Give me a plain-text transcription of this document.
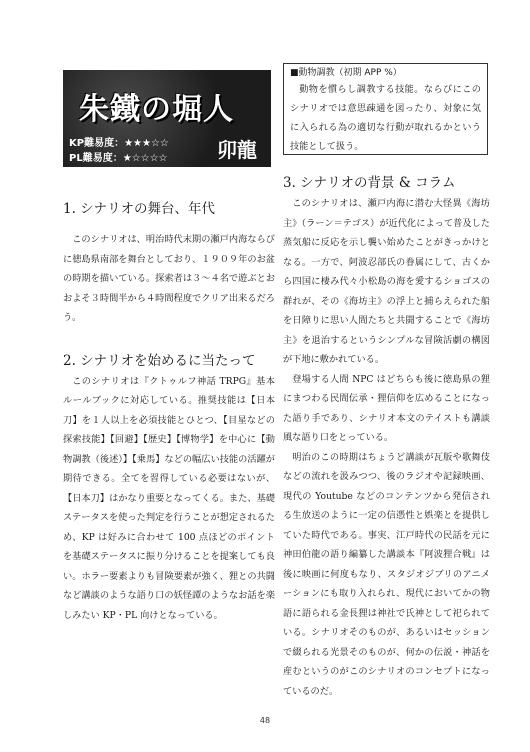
朱鐵の堀人
KP難易度：★★★☆☆
PL難易度：★☆☆☆☆ 卯龍
■動物調教（初期 APP %）
動物を慣らし調教する技能。ならびにこのシナリオでは意思疎通を図ったり、対象に気に入られる為の適切な行動が取れるかという技能として扱う。
1. シナリオの舞台、年代

このシナリオは、明治時代末期の瀬戸内海ならびに徳島県南部を舞台としており、１９０９年のお盆の時期を描いている。探索者は３～４名で遊ぶとおおよそ３時間半から４時間程度でクリア出来るだろう。

2. シナリオを始めるに当たって

このシナリオは『クトゥルフ神話 TRPG』基本ルールブックに対応している。推奨技能は【日本刀】を１人以上を必須技能とひとつ、【目星などの探索技能】【回避】【歴史】【博物学】を中心に【動物調教（後述）】【乗馬】などの幅広い技能の活躍が期待できる。全てを習得している必要はないが、【日本刀】はかなり重要となってくる。また、基礎ステータスを使った判定を行うことが想定されるため、KP は好みに合わせて 100 点ほどのポイントを基礎ステータスに振り分けることを提案しても良い。ホラー要素よりも冒険要素が強く、狸との共闘など講談のような語り口の妖怪譚のようなお話を楽しみたい KP・PL 向けとなっている。

3. シナリオの背景 & コラム

このシナリオは、瀬戸内海に潜む大怪異《海坊主》（ラーン＝テゴス）が近代化によって普及した蒸気船に反応を示し襲い始めたことがきっかけとなる。一方で、阿波忍部氏の眷属にして、古くから四国に棲み代々小松島の海を愛するショゴスの群れが、その《海坊主》の浮上と捕らえられた船を日障りに思い人間たちと共闘することで《海坊主》を退治するというシンプルな冒険活劇の構図が下地に敷かれている。

登場する人間 NPC はどちらも後に徳島県の狸にまつわる民間伝承・狸信仰を広めることになった語り手であり、シナリオ本文のテイストも講談風な語り口をとっている。

明治のこの時期はちょうど講談が瓦版や歌舞伎などの流れを汲みつつ、後のラジオや記録映画、現代の Youtube などのコンテンツから発信される生放送のように一定の信憑性と娯楽とを提供していた時代である。事実、江戸時代の民話を元に神田伯龍の語り編纂した講談本『阿波狸合戦』は後に映画に何度もなり、スタジオジブリのアニメーションにも取り入れられ、現代においてかの物語に語られる金長狸は神社で氏神として祀られている。シナリオそのものが、あるいはセッションで綴られる光景そのものが、何かの伝説・神話を産むというのがこのシナリオのコンセプトになっているのだ。

48
